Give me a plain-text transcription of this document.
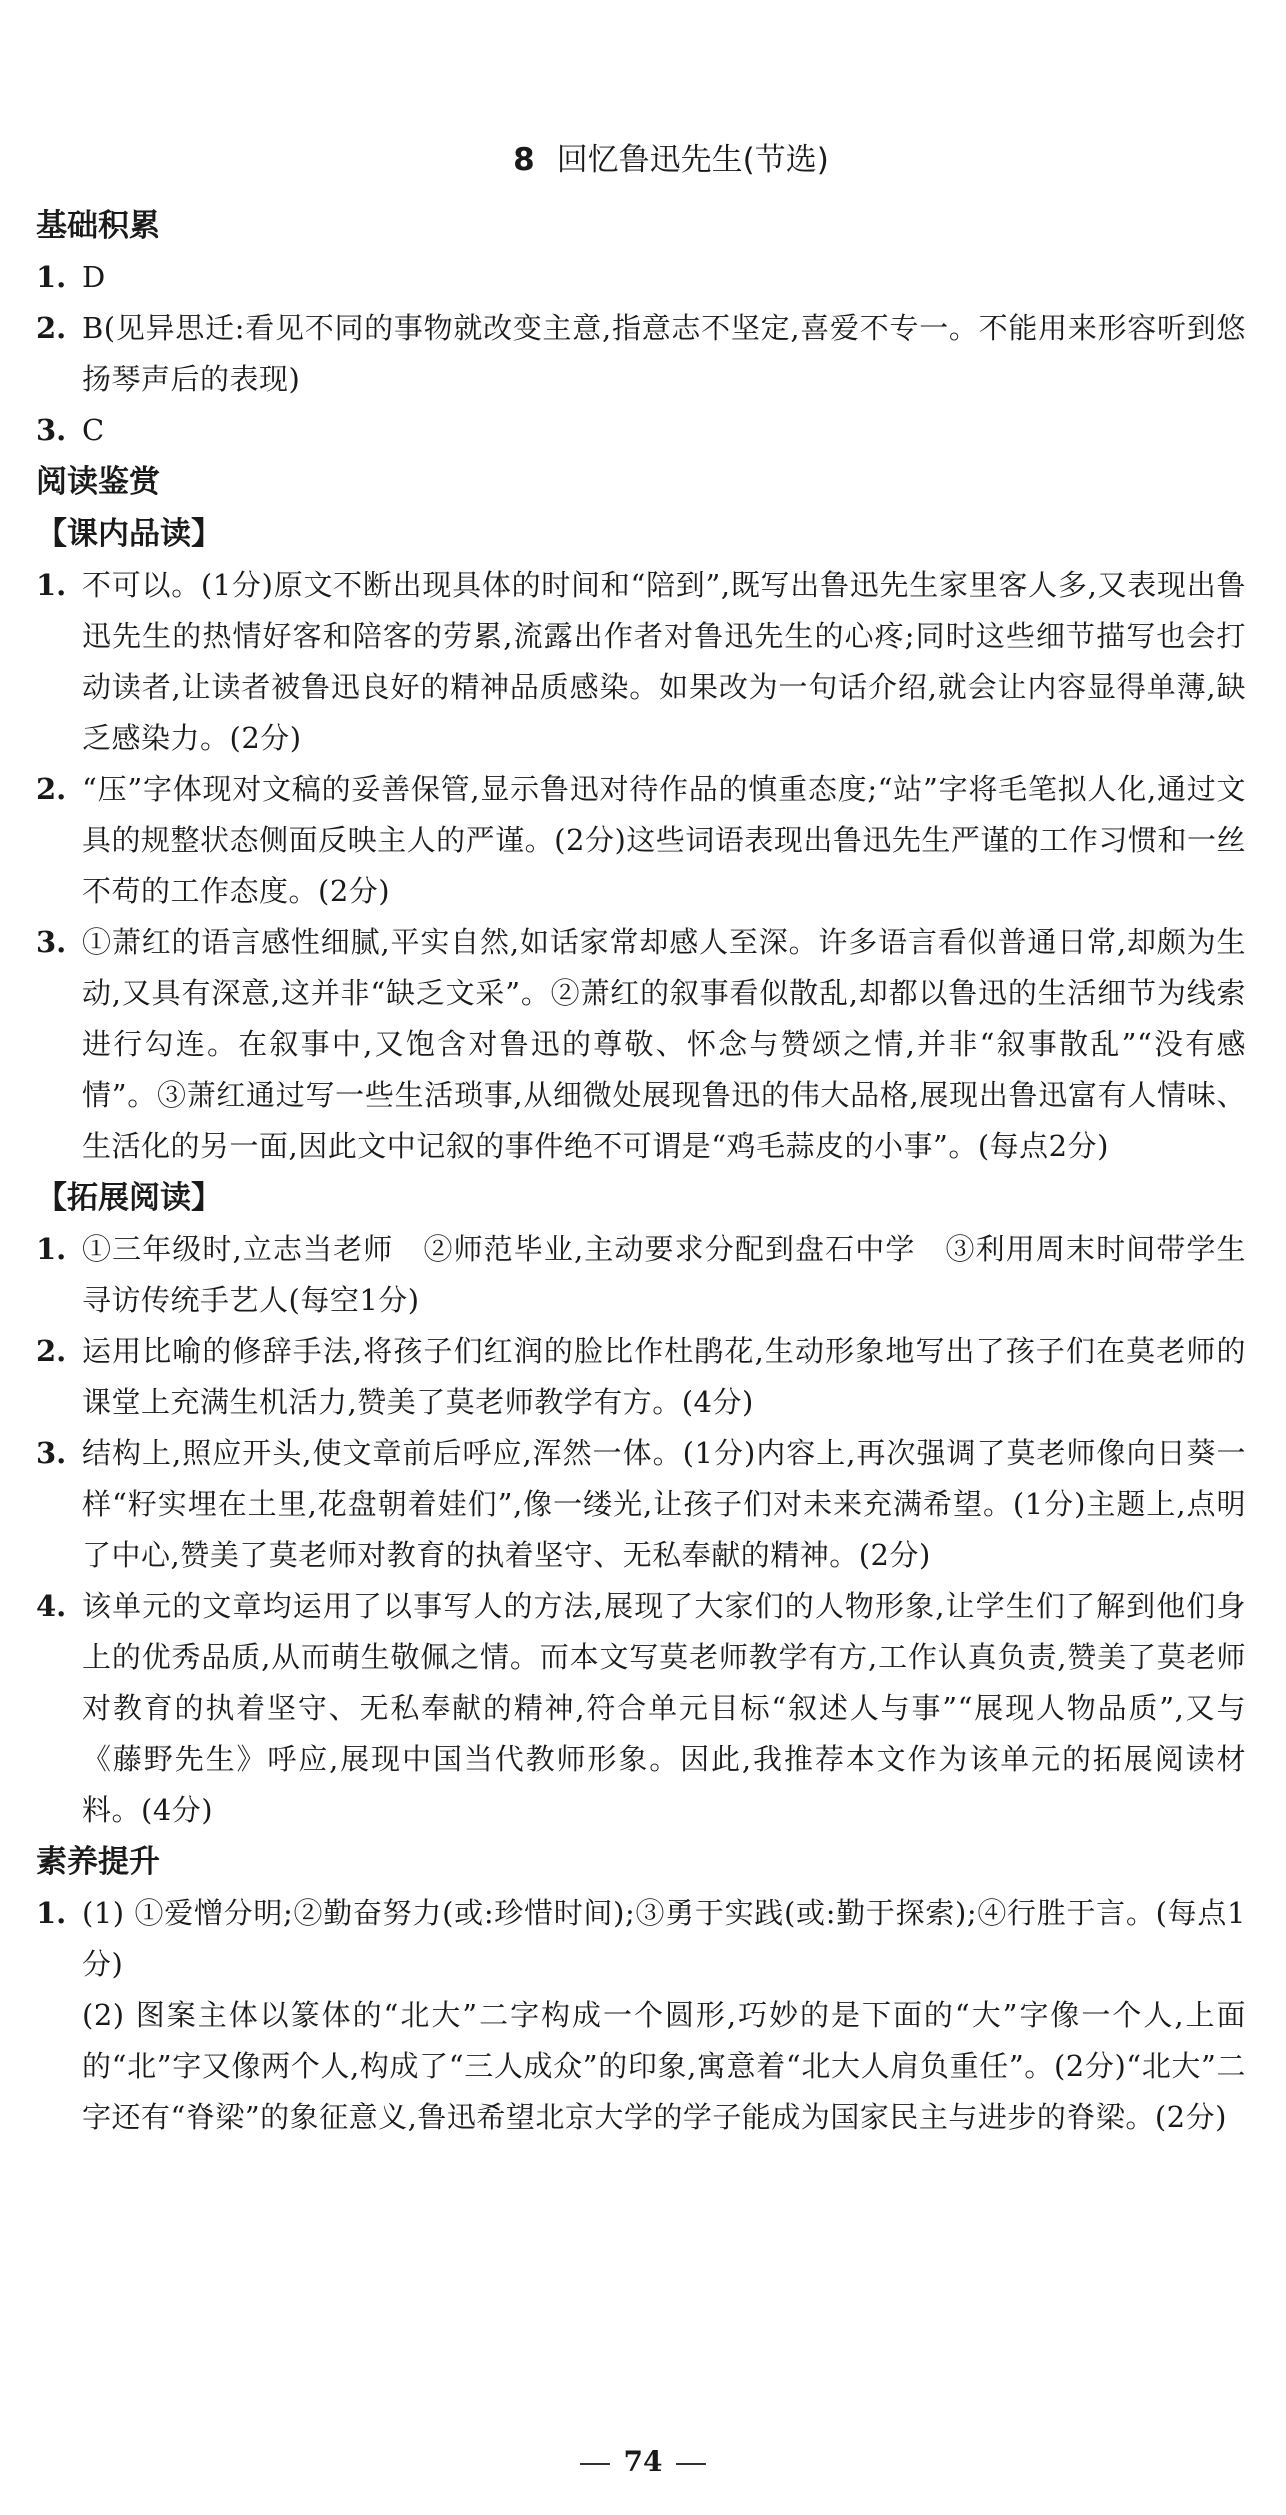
8 回忆鲁迅先生(节选)
基础积累
1. D
2. B(见异思迁:看见不同的事物就改变主意,指意志不坚定,喜爱不专一。不能用来形容听到悠扬琴声后的表现)
3. C
阅读鉴赏
【课内品读】
1. 不可以。(1分)原文不断出现具体的时间和“陪到”,既写出鲁迅先生家里客人多,又表现出鲁迅先生的热情好客和陪客的劳累,流露出作者对鲁迅先生的心疼;同时这些细节描写也会打动读者,让读者被鲁迅良好的精神品质感染。如果改为一句话介绍,就会让内容显得单薄,缺乏感染力。(2分)
2. “压”字体现对文稿的妥善保管,显示鲁迅对待作品的慎重态度;“站”字将毛笔拟人化,通过文具的规整状态侧面反映主人的严谨。(2分)这些词语表现出鲁迅先生严谨的工作习惯和一丝不苟的工作态度。(2分)
3. ①萧红的语言感性细腻,平实自然,如话家常却感人至深。许多语言看似普通日常,却颇为生动,又具有深意,这并非“缺乏文采”。②萧红的叙事看似散乱,却都以鲁迅的生活细节为线索进行勾连。在叙事中,又饱含对鲁迅的尊敬、怀念与赞颂之情,并非“叙事散乱”“没有感情”。③萧红通过写一些生活琐事,从细微处展现鲁迅的伟大品格,展现出鲁迅富有人情味、生活化的另一面,因此文中记叙的事件绝不可谓是“鸡毛蒜皮的小事”。(每点2分)
【拓展阅读】
1. ①三年级时,立志当老师　②师范毕业,主动要求分配到盘石中学　③利用周末时间带学生寻访传统手艺人(每空1分)
2. 运用比喻的修辞手法,将孩子们红润的脸比作杜鹃花,生动形象地写出了孩子们在莫老师的课堂上充满生机活力,赞美了莫老师教学有方。(4分)
3. 结构上,照应开头,使文章前后呼应,浑然一体。(1分)内容上,再次强调了莫老师像向日葵一样“籽实埋在土里,花盘朝着娃们”,像一缕光,让孩子们对未来充满希望。(1分)主题上,点明了中心,赞美了莫老师对教育的执着坚守、无私奉献的精神。(2分)
4. 该单元的文章均运用了以事写人的方法,展现了大家们的人物形象,让学生们了解到他们身上的优秀品质,从而萌生敬佩之情。而本文写莫老师教学有方,工作认真负责,赞美了莫老师对教育的执着坚守、无私奉献的精神,符合单元目标“叙述人与事”“展现人物品质”,又与《藤野先生》呼应,展现中国当代教师形象。因此,我推荐本文作为该单元的拓展阅读材料。(4分)
素养提升
1. (1) ①爱憎分明;②勤奋努力(或:珍惜时间);③勇于实践(或:勤于探索);④行胜于言。(每点1分)
(2) 图案主体以篆体的“北大”二字构成一个圆形,巧妙的是下面的“大”字像一个人,上面的“北”字又像两个人,构成了“三人成众”的印象,寓意着“北大人肩负重任”。(2分)“北大”二字还有“脊梁”的象征意义,鲁迅希望北京大学的学子能成为国家民主与进步的脊梁。(2分)
74
